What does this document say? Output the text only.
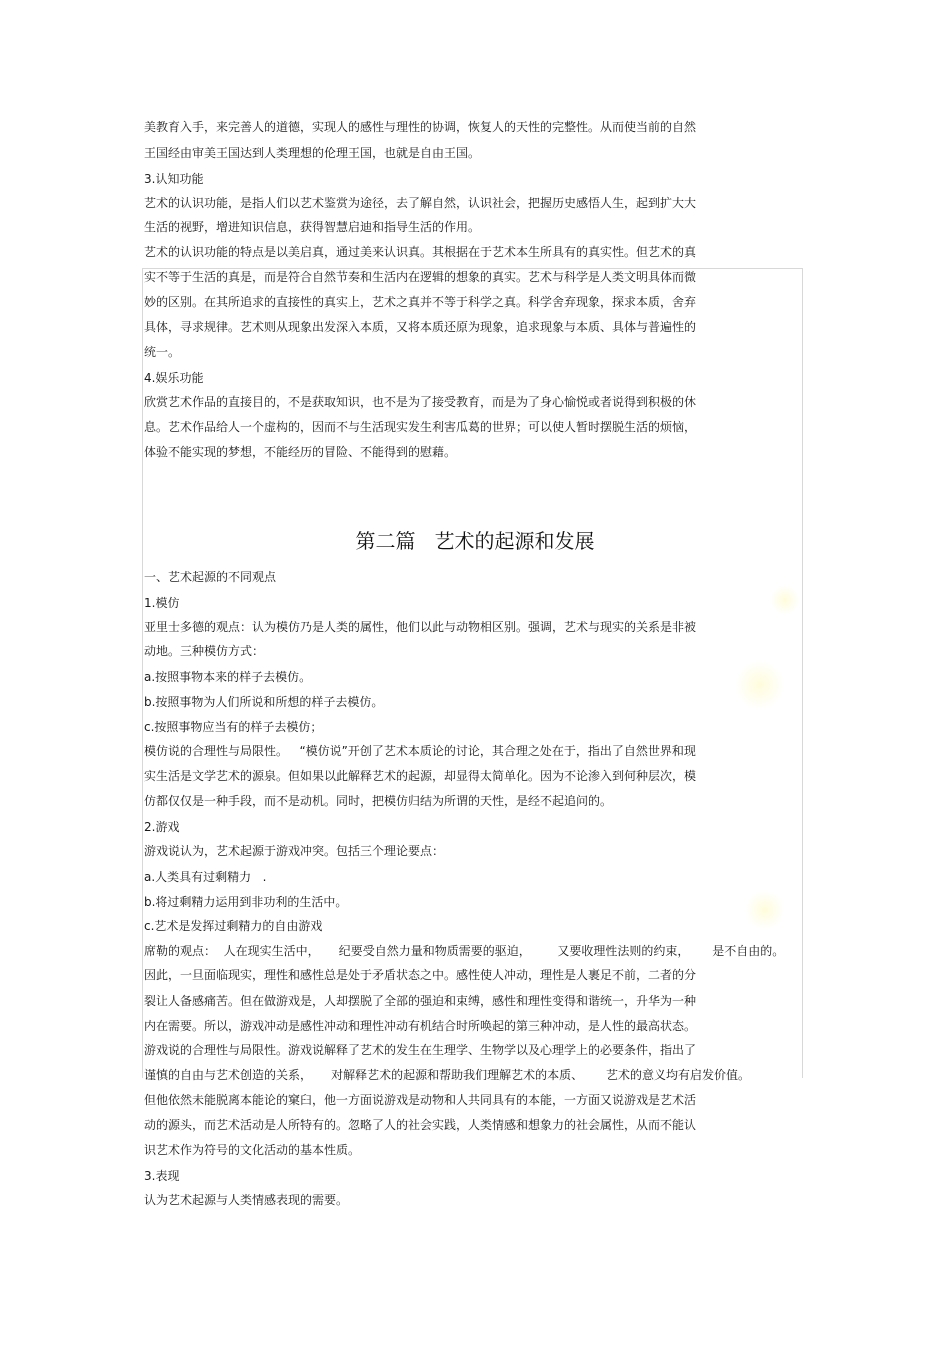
美教育入手，来完善人的道德，实现人的感性与理性的协调，恢复人的天性的完整性。从而使当前的自然
王国经由审美王国达到人类理想的伦理王国，也就是自由王国。
3.认知功能
艺术的认识功能，是指人们以艺术鉴赏为途径，去了解自然，认识社会，把握历史感悟人生，起到扩大大
生活的视野，增进知识信息，获得智慧启迪和指导生活的作用。
艺术的认识功能的特点是以美启真，通过美来认识真。其根据在于艺术本生所具有的真实性。但艺术的真
实不等于生活的真是，而是符合自然节奏和生活内在逻辑的想象的真实。艺术与科学是人类文明具体而微
妙的区别。在其所追求的直接性的真实上，艺术之真并不等于科学之真。科学舍弃现象，探求本质，舍弃
具体，寻求规律。艺术则从现象出发深入本质，又将本质还原为现象，追求现象与本质、具体与普遍性的
统一。
4.娱乐功能
欣赏艺术作品的直接目的，不是获取知识，也不是为了接受教育，而是为了身心愉悦或者说得到积极的休
息。艺术作品给人一个虚构的，因而不与生活现实发生利害瓜葛的世界；可以使人暂时摆脱生活的烦恼，
体验不能实现的梦想，不能经历的冒险、不能得到的慰藉。
第二篇   艺术的起源和发展
一、艺术起源的不同观点
1.模仿
亚里士多德的观点：认为模仿乃是人类的属性，他们以此与动物相区别。强调，艺术与现实的关系是非被
动地。三种模仿方式：
a.按照事物本来的样子去模仿。
b.按照事物为人们所说和所想的样子去模仿。
c.按照事物应当有的样子去模仿；
模仿说的合理性与局限性。   “模仿说”开创了艺术本质论的讨论，其合理之处在于，指出了自然世界和现
实生活是文学艺术的源泉。但如果以此解释艺术的起源，却显得太简单化。因为不论渗入到何种层次，模
仿都仅仅是一种手段，而不是动机。同时，把模仿归结为所谓的天性，是经不起追问的。
2.游戏
游戏说认为，艺术起源于游戏冲突。包括三个理论要点：
a.人类具有过剩精力   .
b.将过剩精力运用到非功利的生活中。
c.艺术是发挥过剩精力的自由游戏
席勒的观点：  人在现实生活中，     纪要受自然力量和物质需要的驱迫，       又要收理性法则的约束，      是不自由的。
因此，一旦面临现实，理性和感性总是处于矛盾状态之中。感性使人冲动，理性是人裹足不前，二者的分
裂让人备感痛苦。但在做游戏是，人却摆脱了全部的强迫和束缚，感性和理性变得和谐统一，升华为一种
内在需要。所以，游戏冲动是感性冲动和理性冲动有机结合时所唤起的第三种冲动，是人性的最高状态。
游戏说的合理性与局限性。游戏说解释了艺术的发生在生理学、生物学以及心理学上的必要条件，指出了
谨慎的自由与艺术创造的关系，     对解释艺术的起源和帮助我们理解艺术的本质、      艺术的意义均有启发价值。
但他依然未能脱离本能论的窠臼，他一方面说游戏是动物和人共同具有的本能，一方面又说游戏是艺术活
动的源头，而艺术活动是人所特有的。忽略了人的社会实践，人类情感和想象力的社会属性，从而不能认
识艺术作为符号的文化活动的基本性质。
3.表现
认为艺术起源与人类情感表现的需要。
